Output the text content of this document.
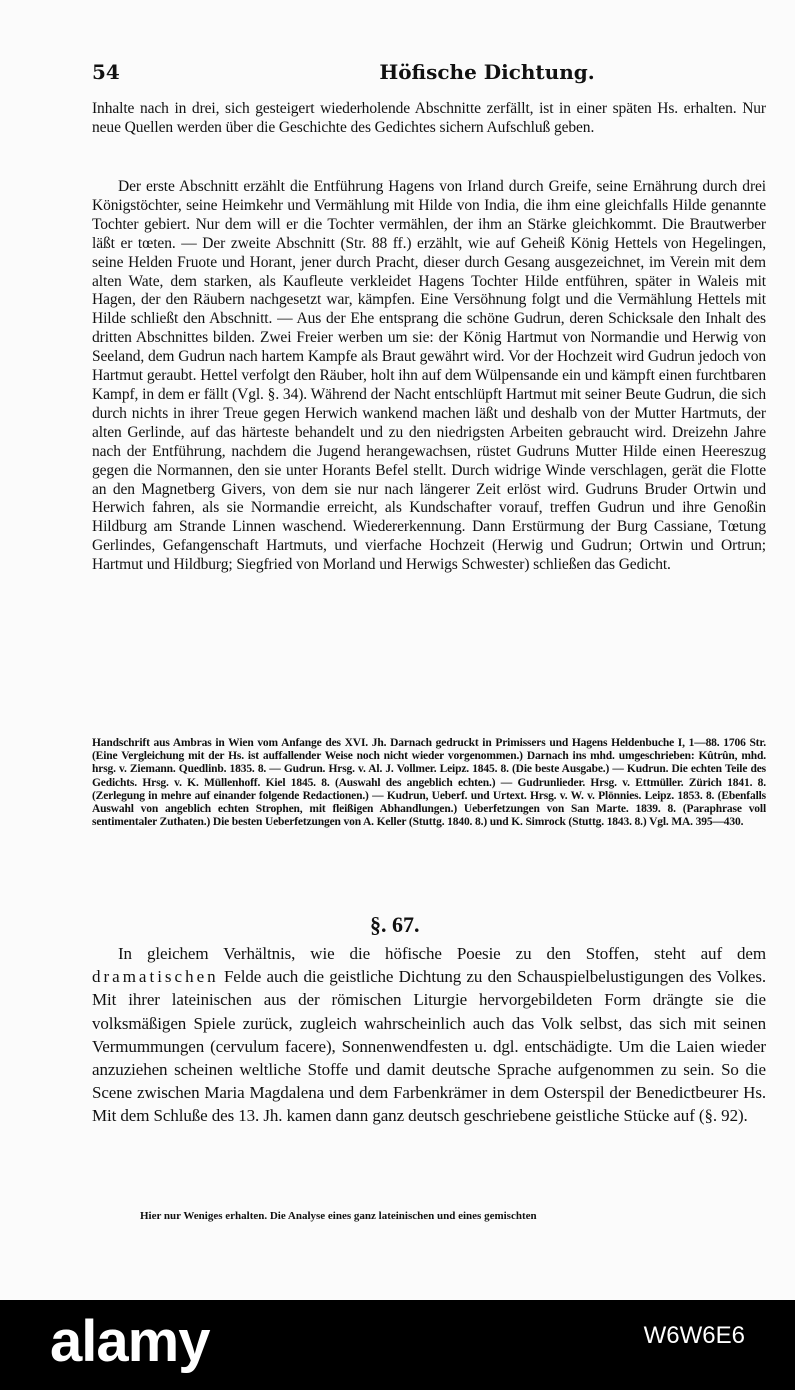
54	Höfische Dichtung.

Inhalte nach in drei, sich gesteigert wiederholende Abschnitte zerfällt, ist in einer späten Hs. erhalten. Nur neue Quellen werden über die Geschichte des Gedichtes sichern Aufschluß geben.

Der erste Abschnitt erzählt die Entführung Hagens von Irland durch Greife, seine Ernährung durch drei Königstöchter, seine Heimkehr und Vermählung mit Hilde von India, die ihm eine gleichfalls Hilde genannte Tochter gebiert. Nur dem will er die Tochter vermählen, der ihm an Stärke gleichkommt. Die Brautwerber läßt er tœten. — Der zweite Abschnitt (Str. 88 ff.) erzählt, wie auf Geheiß König Hettels von Hegelingen, seine Helden Fruote und Horant, jener durch Pracht, dieser durch Gesang ausgezeichnet, im Verein mit dem alten Wate, dem starken, als Kaufleute verkleidet Hagens Tochter Hilde entführen, später in Waleis mit Hagen, der den Räubern nachgesetzt war, kämpfen. Eine Versöhnung folgt und die Vermählung Hettels mit Hilde schließt den Abschnitt. — Aus der Ehe entsprang die schöne Gudrun, deren Schicksale den Inhalt des dritten Abschnittes bilden. Zwei Freier werben um sie: der König Hartmut von Normandie und Herwig von Seeland, dem Gudrun nach hartem Kampfe als Braut gewährt wird. Vor der Hochzeit wird Gudrun jedoch von Hartmut geraubt. Hettel verfolgt den Räuber, holt ihn auf dem Wülpensande ein und kämpft einen furchtbaren Kampf, in dem er fällt (Vgl. §. 34). Während der Nacht entschlüpft Hartmut mit seiner Beute Gudrun, die sich durch nichts in ihrer Treue gegen Herwich wankend machen läßt und deshalb von der Mutter Hartmuts, der alten Gerlinde, auf das härteste behandelt und zu den niedrigsten Arbeiten gebraucht wird. Dreizehn Jahre nach der Entführung, nachdem die Jugend herangewachsen, rüstet Gudruns Mutter Hilde einen Heereszug gegen die Normannen, den sie unter Horants Befel stellt. Durch widrige Winde verschlagen, gerät die Flotte an den Magnetberg Givers, von dem sie nur nach längerer Zeit erlöst wird. Gudruns Bruder Ortwin und Herwich fahren, als sie Normandie erreicht, als Kundschafter vorauf, treffen Gudrun und ihre Genoßin Hildburg am Strande Linnen waschend. Wiedererkennung. Dann Erstürmung der Burg Cassiane, Tœtung Gerlindes, Gefangenschaft Hartmuts, und vierfache Hochzeit (Herwig und Gudrun; Ortwin und Ortrun; Hartmut und Hildburg; Siegfried von Morland und Herwigs Schwester) schließen das Gedicht.

Handschrift aus Ambras in Wien vom Anfange des XVI. Jh. Darnach gedruckt in Primissers und Hagens Heldenbuche I, 1—88. 1706 Str. (Eine Vergleichung mit der Hs. ist auffallender Weise noch nicht wieder vorgenommen.) Darnach ins mhd. umgeschrieben: Kûtrûn, mhd. hrsg. v. Ziemann. Quedlinb. 1835. 8. — Gudrun. Hrsg. v. Al. J. Vollmer. Leipz. 1845. 8. (Die beste Ausgabe.) — Kudrun. Die echten Teile des Gedichts. Hrsg. v. K. Müllenhoff. Kiel 1845. 8. (Auswahl des angeblich echten.) — Gudrunlieder. Hrsg. v. Ettmüller. Zürich 1841. 8. (Zerlegung in mehre auf einander folgende Redactionen.) — Kudrun, Ueberf. und Urtext. Hrsg. v. W. v. Plönnies. Leipz. 1853. 8. (Ebenfalls Auswahl von angeblich echten Strophen, mit fleißigen Abhandlungen.) Ueberfetzungen von San Marte. 1839. 8. (Paraphrase voll sentimentaler Zuthaten.) Die besten Ueberfetzungen von A. Keller (Stuttg. 1840. 8.) und K. Simrock (Stuttg. 1843. 8.) Vgl. MA. 395—430.

§. 67.

In gleichem Verhältnis, wie die höfische Poesie zu den Stoffen, steht auf dem dramatischen Felde auch die geistliche Dichtung zu den Schauspielbelustigungen des Volkes. Mit ihrer lateinischen aus der römischen Liturgie hervorgebildeten Form drängte sie die volksmäßigen Spiele zurück, zugleich wahrscheinlich auch das Volk selbst, das sich mit seinen Vermummungen (cervulum facere), Sonnenwendfesten u. dgl. entschädigte. Um die Laien wieder anzuziehen scheinen weltliche Stoffe und damit deutsche Sprache aufgenommen zu sein. So die Scene zwischen Maria Magdalena und dem Farbenkrämer in dem Osterspil der Benedictbeurer Hs. Mit dem Schluße des 13. Jh. kamen dann ganz deutsch geschriebene geistliche Stücke auf (§. 92).

Hier nur Weniges erhalten. Die Analyse eines ganz lateinischen und eines gemischten

alamy	W6W6E6
